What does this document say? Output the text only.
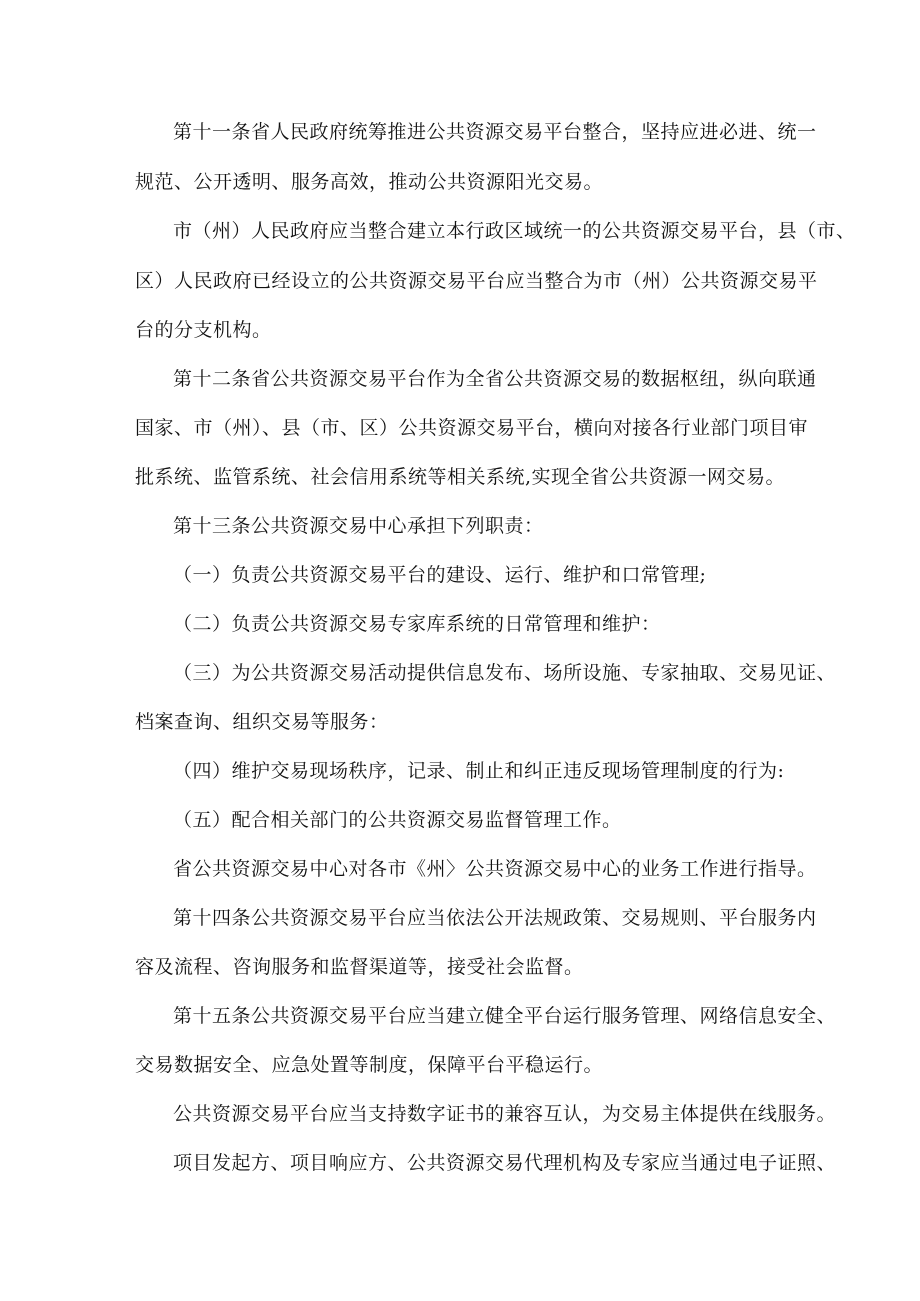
第十一条省人民政府统筹推进公共资源交易平台整合，坚持应进必进、统一
规范、公开透明、服务高效，推动公共资源阳光交易。
市（州）人民政府应当整合建立本行政区域统一的公共资源交易平台，县（市、
区）人民政府已经设立的公共资源交易平台应当整合为市（州）公共资源交易平
台的分支机构。
第十二条省公共资源交易平台作为全省公共资源交易的数据枢纽，纵向联通
国家、市（州）、县（市、区）公共资源交易平台，横向对接各行业部门项目审
批系统、监管系统、社会信用系统等相关系统,实现全省公共资源一网交易。
第十三条公共资源交易中心承担下列职责：
（一）负责公共资源交易平台的建设、运行、维护和口常管理;
（二）负责公共资源交易专家库系统的日常管理和维护：
（三）为公共资源交易活动提供信息发布、场所设施、专家抽取、交易见证、
档案查询、组织交易等服务：
（四）维护交易现场秩序，记录、制止和纠正违反现场管理制度的行为:
（五）配合相关部门的公共资源交易监督管理工作。
省公共资源交易中心对各市《州〉公共资源交易中心的业务工作进行指导。
第十四条公共资源交易平台应当依法公开法规政策、交易规则、平台服务内
容及流程、咨询服务和监督渠道等，接受社会监督。
第十五条公共资源交易平台应当建立健全平台运行服务管理、网络信息安全、
交易数据安全、应急处置等制度，保障平台平稳运行。
公共资源交易平台应当支持数字证书的兼容互认，为交易主体提供在线服务。
项目发起方、项目响应方、公共资源交易代理机构及专家应当通过电子证照、
